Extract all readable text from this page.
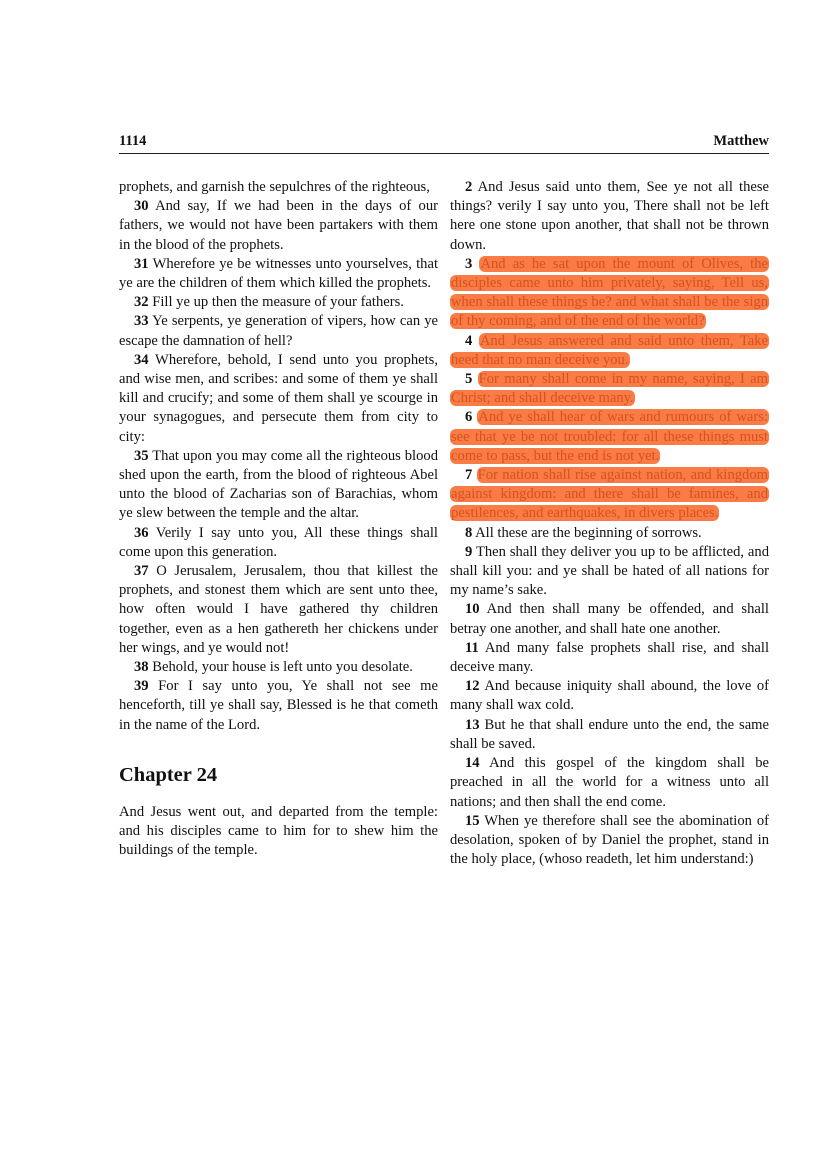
1114	Matthew

prophets, and garnish the sepulchres of the righteous,

30 And say, If we had been in the days of our fathers, we would not have been partakers with them in the blood of the prophets.

31 Wherefore ye be witnesses unto yourselves, that ye are the children of them which killed the prophets.

32 Fill ye up then the measure of your fathers.

33 Ye serpents, ye generation of vipers, how can ye escape the damnation of hell?

34 Wherefore, behold, I send unto you prophets, and wise men, and scribes: and some of them ye shall kill and crucify; and some of them shall ye scourge in your synagogues, and persecute them from city to city:

35 That upon you may come all the righteous blood shed upon the earth, from the blood of righteous Abel unto the blood of Zacharias son of Barachias, whom ye slew between the temple and the altar.

36 Verily I say unto you, All these things shall come upon this generation.

37 O Jerusalem, Jerusalem, thou that killest the prophets, and stonest them which are sent unto thee, how often would I have gathered thy children together, even as a hen gathereth her chickens under her wings, and ye would not!

38 Behold, your house is left unto you desolate.

39 For I say unto you, Ye shall not see me henceforth, till ye shall say, Blessed is he that cometh in the name of the Lord.

Chapter 24

And Jesus went out, and departed from the temple: and his disciples came to him for to shew him the buildings of the temple.

2 And Jesus said unto them, See ye not all these things? verily I say unto you, There shall not be left here one stone upon another, that shall not be thrown down.

3 And as he sat upon the mount of Olives, the disciples came unto him privately, saying, Tell us, when shall these things be? and what shall be the sign of thy coming, and of the end of the world?

4 And Jesus answered and said unto them, Take heed that no man deceive you.

5 For many shall come in my name, saying, I am Christ; and shall deceive many.

6 And ye shall hear of wars and rumours of wars: see that ye be not troubled: for all these things must come to pass, but the end is not yet.

7 For nation shall rise against nation, and kingdom against kingdom: and there shall be famines, and pestilences, and earthquakes, in divers places.

8 All these are the beginning of sorrows.

9 Then shall they deliver you up to be afflicted, and shall kill you: and ye shall be hated of all nations for my name’s sake.

10 And then shall many be offended, and shall betray one another, and shall hate one another.

11 And many false prophets shall rise, and shall deceive many.

12 And because iniquity shall abound, the love of many shall wax cold.

13 But he that shall endure unto the end, the same shall be saved.

14 And this gospel of the kingdom shall be preached in all the world for a witness unto all nations; and then shall the end come.

15 When ye therefore shall see the abomination of desolation, spoken of by Daniel the prophet, stand in the holy place, (whoso readeth, let him understand:)
